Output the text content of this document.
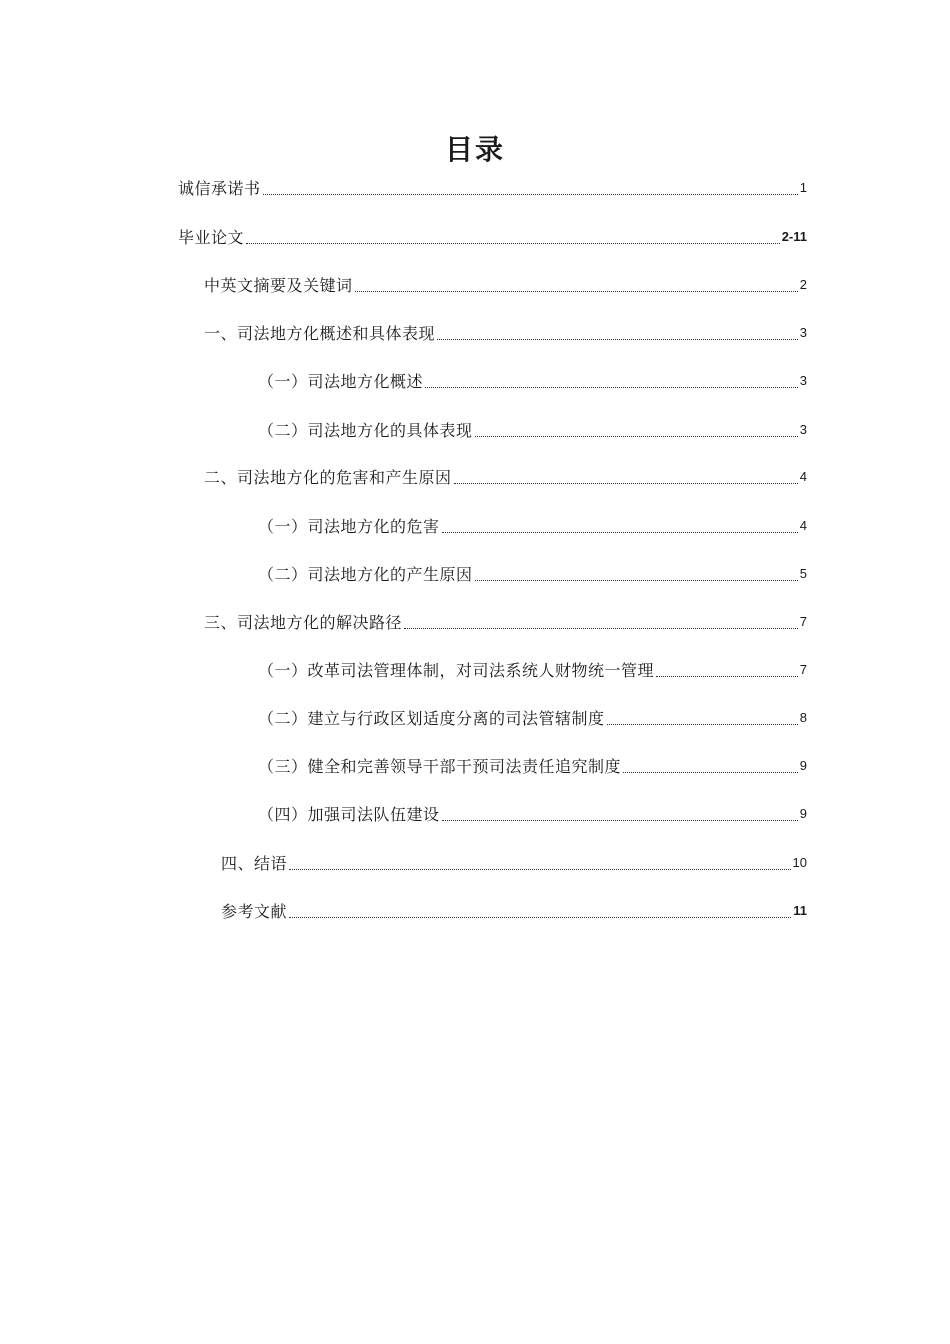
目录
诚信承诺书	1
毕业论文	2-11
中英文摘要及关键词	2
一、司法地方化概述和具体表现	3
（一）司法地方化概述	3
（二）司法地方化的具体表现	3
二、司法地方化的危害和产生原因	4
（一）司法地方化的危害	4
（二）司法地方化的产生原因	5
三、司法地方化的解决路径	7
（一）改革司法管理体制，对司法系统人财物统一管理	7
（二）建立与行政区划适度分离的司法管辖制度	8
（三）健全和完善领导干部干预司法责任追究制度	9
（四）加强司法队伍建设	9
四、结语	10
参考文献	11
